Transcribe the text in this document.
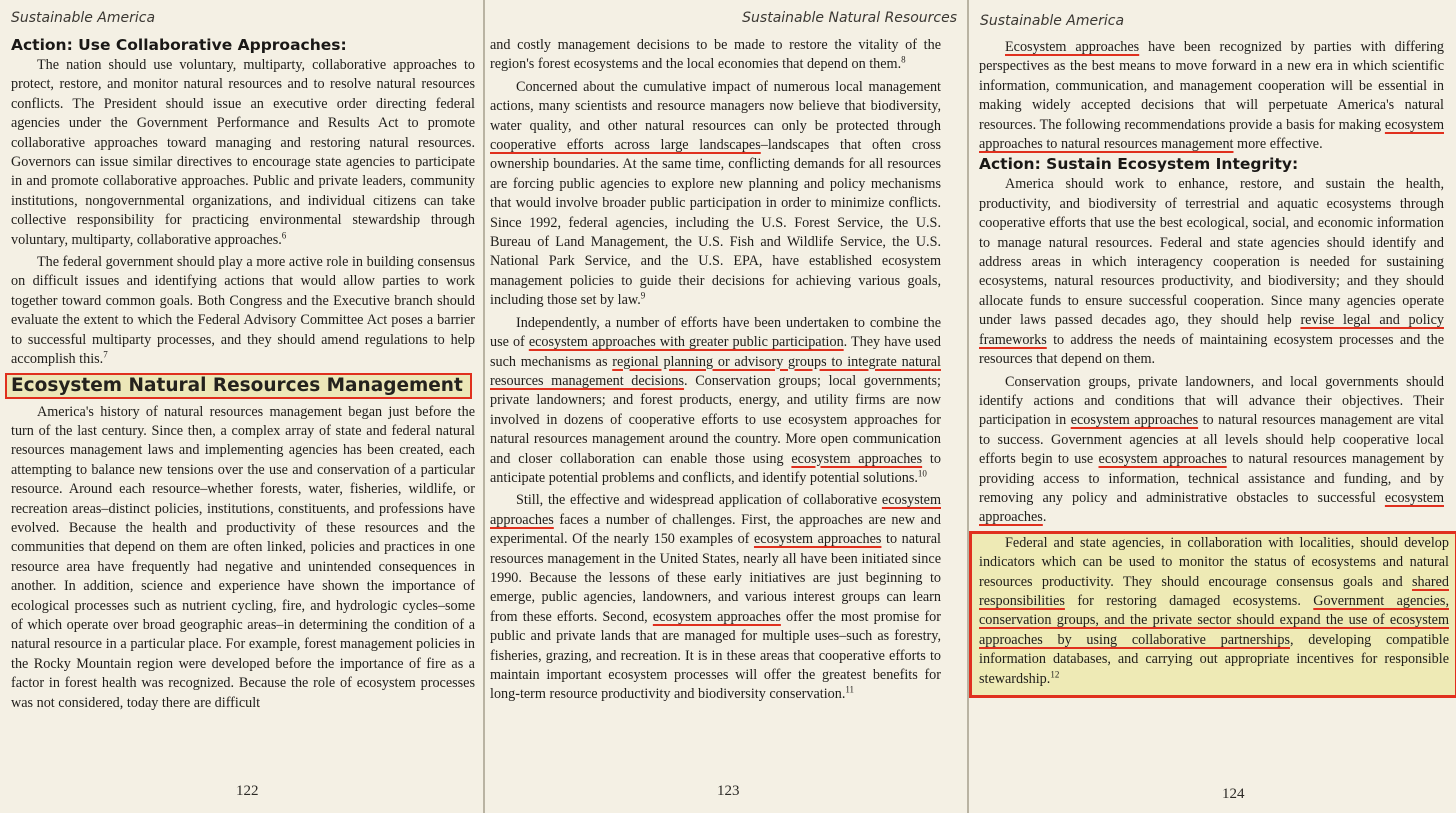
Sustainable America
Action: Use Collaborative Approaches:

The nation should use voluntary, multiparty, collaborative approaches to protect, restore, and monitor natural resources and to resolve natural resources conflicts. The President should issue an executive order directing federal agencies under the Government Performance and Results Act to promote collaborative approaches toward managing and restoring natural resources. Governors can issue similar directives to encourage state agencies to participate in and promote collaborative approaches. Public and private leaders, community institutions, nongovernmental organizations, and individual citizens can take collective responsibility for practicing environmental stewardship through voluntary, multiparty, collaborative approaches.$^6$

The federal government should play a more active role in building consensus on difficult issues and identifying actions that would allow parties to work together toward common goals. Both Congress and the Executive branch should evaluate the extent to which the Federal Advisory Committee Act poses a barrier to successful multiparty processes, and they should amend regulations to help accomplish this.$^7$

Ecosystem Natural Resources Management

America's history of natural resources management began just before the turn of the last century. Since then, a complex array of state and federal natural resources management laws and implementing agencies has been created, each attempting to balance new tensions over the use and conservation of a particular resource. Around each resource–whether forests, water, fisheries, wildlife, or recreation areas–distinct policies, institutions, constituents, and professions have evolved. Because the health and productivity of these resources and the communities that depend on them are often linked, policies and practices in one resource area have frequently had negative and unintended consequences in another. In addition, science and experience have shown the importance of ecological processes such as nutrient cycling, fire, and hydrologic cycles–some of which operate over broad geographic areas–in determining the condition of a natural resource in a particular place. For example, forest management policies in the Rocky Mountain region were developed before the importance of fire as a factor in forest health was recognized. Because the role of ecosystem processes was not considered, today there are difficult

122
Sustainable Natural Resources

and costly management decisions to be made to restore the vitality of the region's forest ecosystems and the local economies that depend on them.$^8$

Concerned about the cumulative impact of numerous local management actions, many scientists and resource managers now believe that biodiversity, water quality, and other natural resources can only be protected through cooperative efforts across large landscapes–landscapes that often cross ownership boundaries. At the same time, conflicting demands for all resources are forcing public agencies to explore new planning and policy mechanisms that would involve broader public participation in order to minimize conflicts. Since 1992, federal agencies, including the U.S. Forest Service, the U.S. Bureau of Land Management, the U.S. Fish and Wildlife Service, the U.S. National Park Service, and the U.S. EPA, have established ecosystem management policies to guide their decisions for achieving various goals, including those set by law.$^9$

Independently, a number of efforts have been undertaken to combine the use of ecosystem approaches with greater public participation. They have used such mechanisms as regional planning or advisory groups to integrate natural resources management decisions. Conservation groups; local governments; private landowners; and forest products, energy, and utility firms are now involved in dozens of cooperative efforts to use ecosystem approaches for natural resources management around the country. More open communication and closer collaboration can enable those using ecosystem approaches to anticipate potential problems and conflicts, and identify potential solutions.$^{10}$

Still, the effective and widespread application of collaborative ecosystem approaches faces a number of challenges. First, the approaches are new and experimental. Of the nearly 150 examples of ecosystem approaches to natural resources management in the United States, nearly all have been initiated since 1990. Because the lessons of these early initiatives are just beginning to emerge, public agencies, landowners, and various interest groups can learn from these efforts. Second, ecosystem approaches offer the most promise for public and private lands that are managed for multiple uses–such as forestry, fisheries, grazing, and recreation. It is in these areas that cooperative efforts to maintain important ecosystem processes will offer the greatest benefits for long-term resource productivity and biodiversity conservation.$^{11}$

123
Sustainable America

Ecosystem approaches have been recognized by parties with differing perspectives as the best means to move forward in a new era in which scientific information, communication, and management cooperation will be essential in making widely accepted decisions that will perpetuate America's natural resources. The following recommendations provide a basis for making ecosystem approaches to natural resources management more effective.

Action: Sustain Ecosystem Integrity:

America should work to enhance, restore, and sustain the health, productivity, and biodiversity of terrestrial and aquatic ecosystems through cooperative efforts that use the best ecological, social, and economic information to manage natural resources. Federal and state agencies should identify and address areas in which interagency cooperation is needed for sustaining ecosystems, natural resources productivity, and biodiversity; and they should allocate funds to ensure successful cooperation. Since many agencies operate under laws passed decades ago, they should help revise legal and policy frameworks to address the needs of maintaining ecosystem processes and the resources that depend on them.

Conservation groups, private landowners, and local governments should identify actions and conditions that will advance their objectives. Their participation in ecosystem approaches to natural resources management are vital to success. Government agencies at all levels should help cooperative local efforts begin to use ecosystem approaches to natural resources management by providing access to information, technical assistance and funding, and by removing any policy and administrative obstacles to successful ecosystem approaches.

Federal and state agencies, in collaboration with localities, should develop indicators which can be used to monitor the status of ecosystems and natural resources productivity. They should encourage consensus goals and shared responsibilities for restoring damaged ecosystems. Government agencies, conservation groups, and the private sector should expand the use of ecosystem approaches by using collaborative partnerships, developing compatible information databases, and carrying out appropriate incentives for responsible stewardship.$^{12}$

124
